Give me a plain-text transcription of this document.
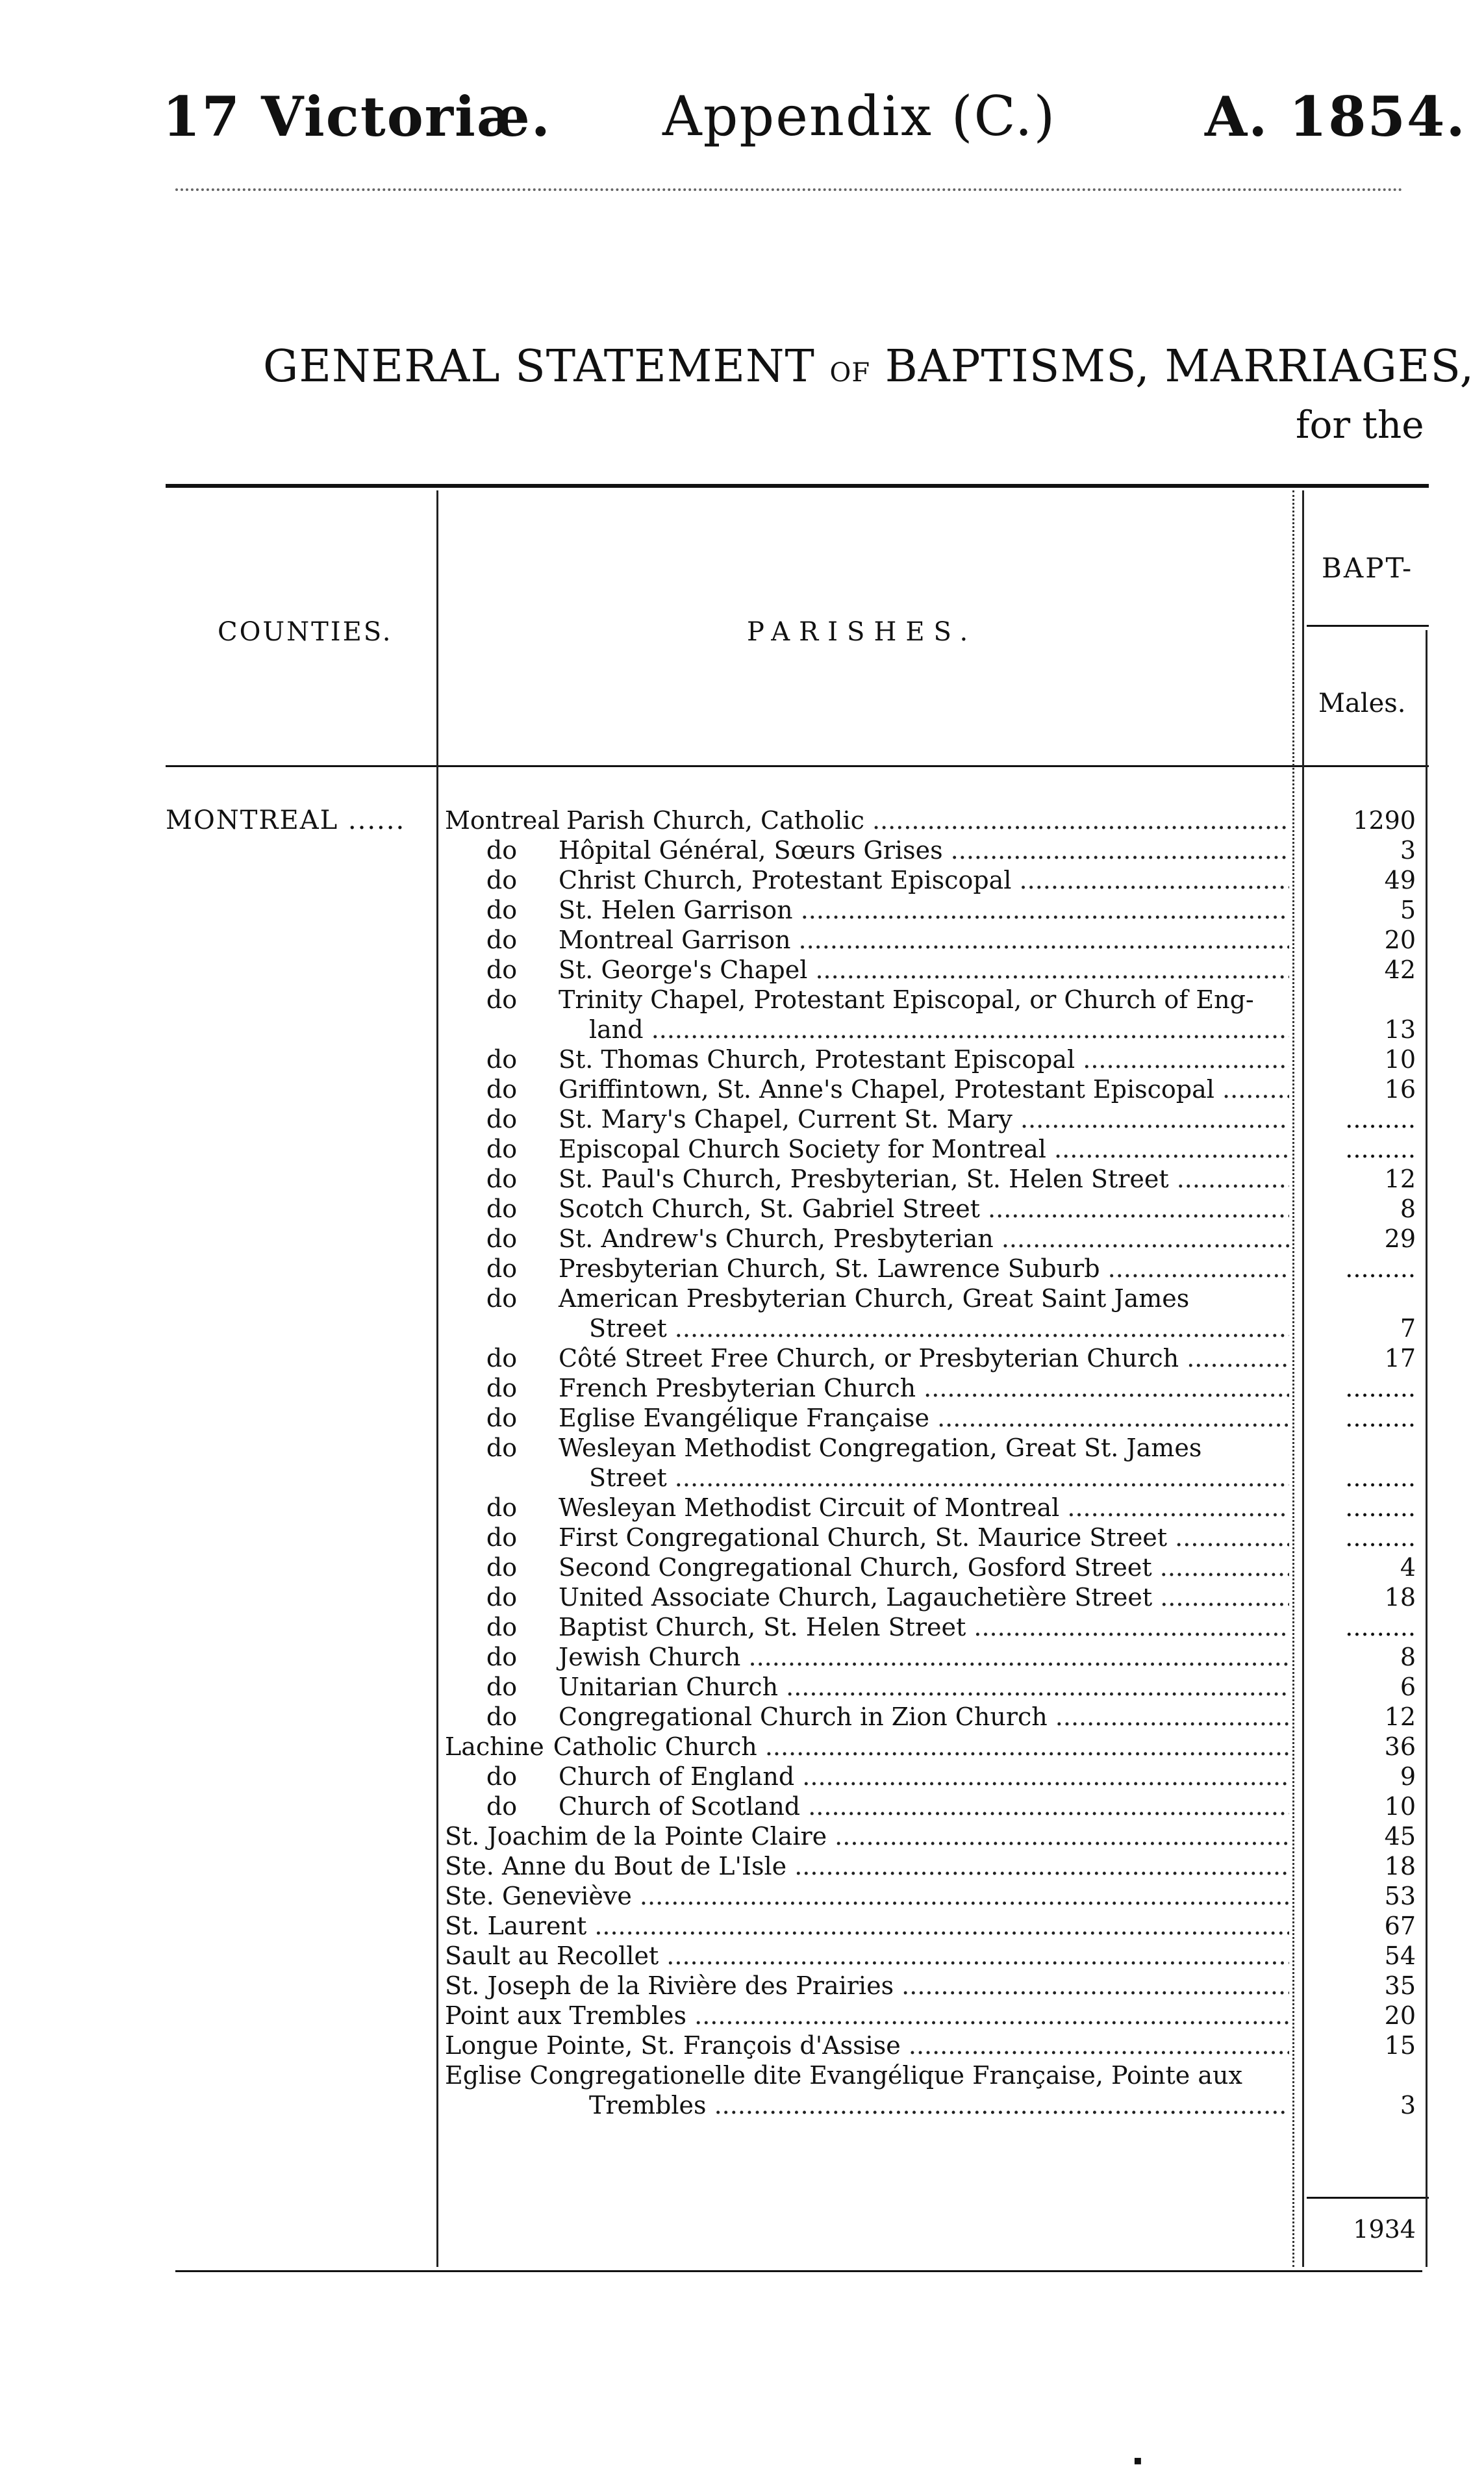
17 Victoriæ. Appendix (C.)	A. 1854.
GENERAL STATEMENT OF BAPTISMS, MARRIAGES,
for the
COUNTIES.	PARISHES.
BAPT-
Males.
MONTREAL ...... Montreal Parish Church, Catholic .....
do Hôpital Général, Sœurs Grises .....
do Christ Church, Protestant Episcopal .....
do St. Helen Garrison .....
do Montreal Garrison .....
do St. George's Chapel .....
do Trinity Chapel, Protestant Episcopal, or Church of Eng-
land .....
do St. Thomas Church, Protestant Episcopal .....
do Griffintown, St. Anne's Chapel, Protestant Episcopal .....
do St. Mary's Chapel, Current St. Mary .....
do Episcopal Church Society for Montreal .....
do St. Paul's Church, Presbyterian, St. Helen Street .....
do Scotch Church, St. Gabriel Street .....
do St. Andrew's Church, Presbyterian .....
do Presbyterian Church, St. Lawrence Suburb .....
do American Presbyterian Church, Great Saint James
Street .....
do Côté Street Free Church, or Presbyterian Church .....
do French Presbyterian Church .....
do Eglise Evangélique Française .....
do Wesleyan Methodist Congregation, Great St. James
Street .....
do Wesleyan Methodist Circuit of Montreal .....
do First Congregational Church, St. Maurice Street .....
do Second Congregational Church, Gosford Street .....
do United Associate Church, Lagauchetière Street .....
do Baptist Church, St. Helen Street .....
do Jewish Church .....
do Unitarian Church .....
do Congregational Church in Zion Church .....
Lachine Catholic Church .....
do Church of England .....
do Church of Scotland .....
St. Joachim de la Pointe Claire .....
Ste. Anne du Bout de L'Isle .....
Ste. Geneviève .....
St. Laurent .....
Sault au Recollet .....
St. Joseph de la Rivière des Prairies .....
Point aux Trembles .....
Longue Pointe, St. François d'Assise .....
Eglise Congregationelle dite Evangélique Française, Pointe aux
Trembles .....
1290
3
49
5
20
42
13
10
16
.....
.....
12
8
29
.....
7
17
.....
.....
.....
.....
.....
4
18
.....
8
6
12
36
9
10
45
18
53
67
54
35
20
15
3
1934
▪
